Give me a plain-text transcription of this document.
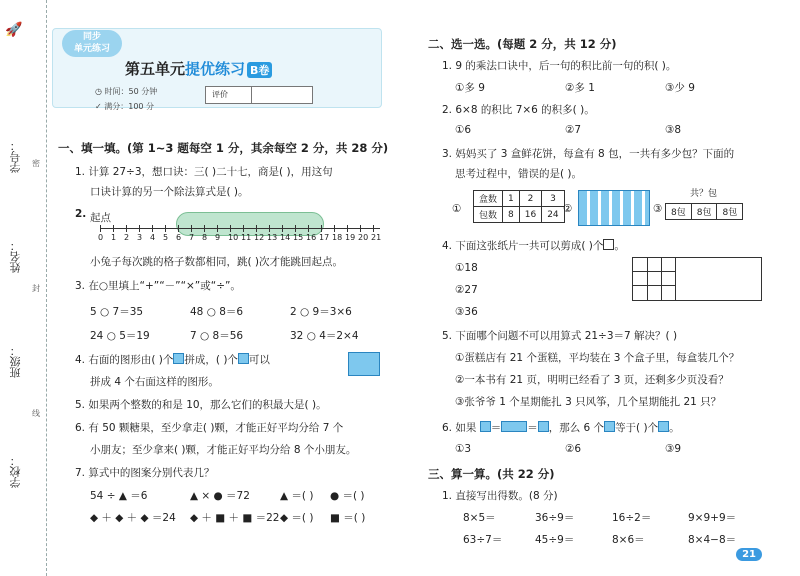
学号：
姓名：
班级：
学校：
密
封
线
🚀	同步
单元练习
第五单元提优练习 B卷
◷ 时间：50 分钟
✓ 满分：100 分
评价
一、填一填。(第 1~3 题每空 1 分，其余每空 2 分，共 28 分)
1. 计算 27÷3，想口诀：三( )二十七，商是( )，用这句
口诀计算的另一个除法算式是( )。
2. 起点
0 1 2 3 4 5 6 7 8 9 10 11 12 13 14 15 16 17 18 19 20 21
小兔子每次跳的格子数都相同，跳( )次才能跳回起点。
3. 在○里填上“+”“－”“×”或“÷”。
5 ○ 7＝35	48 ○ 8＝6	2 ○ 9＝3×6
24 ○ 5＝19	7 ○ 8＝56	32 ○ 4＝2×4
4. 右面的图形由( )个 拼成，( )个 可以
拼成 4 个右面这样的图形。
5. 如果两个整数的和是 10，那么它们的积最大是( )。
6. 有 50 颗糖果，至少拿走( )颗，才能正好平均分给 7 个
小朋友；至少拿来( )颗，才能正好平均分给 8 个小朋友。
7. 算式中的图案分别代表几？
54 ÷ ▲ ＝6	▲ × ● ＝72	▲ ＝( ) ● ＝( )
◆ ＋ ◆ ＋ ◆ ＝24 ◆ ＋ ■ ＋ ■ ＝22 ◆ ＝( ) ■ ＝( )
二、选一选。(每题 2 分，共 12 分)
1. 9 的乘法口诀中，后一句的积比前一句的积( )。
①多 9	②多 1	③少 9
2. 6×8 的积比 7×6 的积多( )。
①6	②7	③8
3. 妈妈买了 3 盒鲜花饼，每盒有 8 包，一共有多少包？下面的
思考过程中，错误的是( )。
①
盒数	1	2	3
包数	8	16	24 ②	③
共？包
8包	8包	8包
4. 下面这张纸片一共可以剪成( )个 。
①18
②27
③36
5. 下面哪个问题不可以用算式 21÷3＝7 解决？( )
①蛋糕店有 21 个蛋糕，平均装在 3 个盒子里，每盒装几个？
②一本书有 21 页，明明已经看了 3 页，还剩多少页没看？
③张爷爷 1 个星期能扎 3 只风筝，几个星期能扎 21 只？
6. 如果 ＝ ＝ ，那么 6 个 等于( )个 。
①3	②6	③9
三、算一算。(共 22 分)
1. 直接写出得数。(8 分)
8×5＝	36÷9＝	16÷2＝	9×9+9＝
63÷7＝	45÷9＝	8×6＝	8×4−8＝
21
